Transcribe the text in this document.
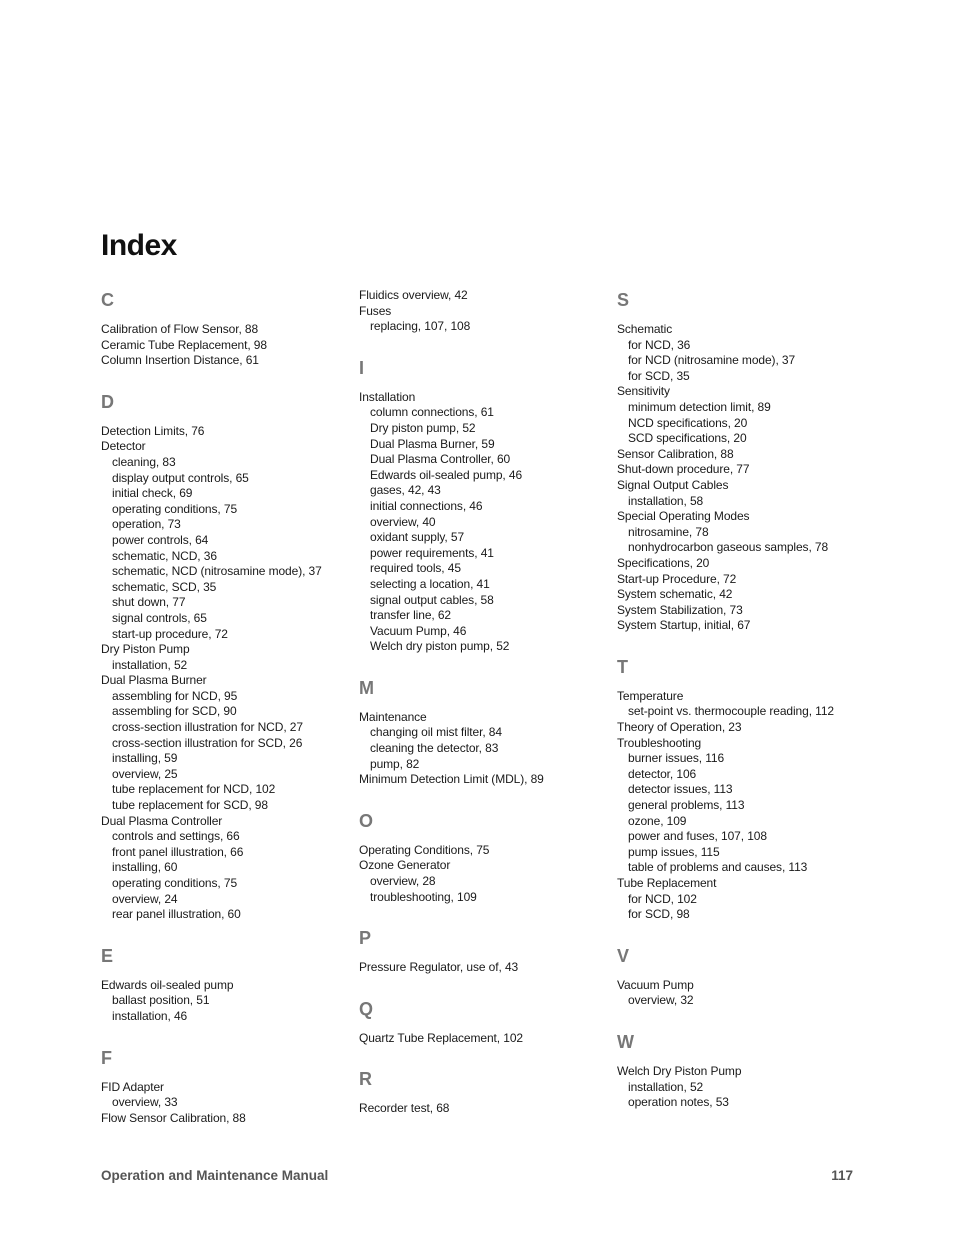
Index
C
Calibration of Flow Sensor, 88
Ceramic Tube Replacement, 98
Column Insertion Distance, 61
D
Detection Limits, 76
Detector
cleaning, 83
display output controls, 65
initial check, 69
operating conditions, 75
operation, 73
power controls, 64
schematic, NCD, 36
schematic, NCD (nitrosamine mode), 37
schematic, SCD, 35
shut down, 77
signal controls, 65
start-up procedure, 72
Dry Piston Pump
installation, 52
Dual Plasma Burner
assembling for NCD, 95
assembling for SCD, 90
cross-section illustration for NCD, 27
cross-section illustration for SCD, 26
installing, 59
overview, 25
tube replacement for NCD, 102
tube replacement for SCD, 98
Dual Plasma Controller
controls and settings, 66
front panel illustration, 66
installing, 60
operating conditions, 75
overview, 24
rear panel illustration, 60
E
Edwards oil-sealed pump
ballast position, 51
installation, 46
F
FID Adapter
overview, 33
Flow Sensor Calibration, 88
Fluidics overview, 42
Fuses
replacing, 107, 108
I
Installation
column connections, 61
Dry piston pump, 52
Dual Plasma Burner, 59
Dual Plasma Controller, 60
Edwards oil-sealed pump, 46
gases, 42, 43
initial connections, 46
overview, 40
oxidant supply, 57
power requirements, 41
required tools, 45
selecting a location, 41
signal output cables, 58
transfer line, 62
Vacuum Pump, 46
Welch dry piston pump, 52
M
Maintenance
changing oil mist filter, 84
cleaning the detector, 83
pump, 82
Minimum Detection Limit (MDL), 89
O
Operating Conditions, 75
Ozone Generator
overview, 28
troubleshooting, 109
P
Pressure Regulator, use of, 43
Q
Quartz Tube Replacement, 102
R
Recorder test, 68
S
Schematic
for NCD, 36
for NCD (nitrosamine mode), 37
for SCD, 35
Sensitivity
minimum detection limit, 89
NCD specifications, 20
SCD specifications, 20
Sensor Calibration, 88
Shut-down procedure, 77
Signal Output Cables
installation, 58
Special Operating Modes
nitrosamine, 78
nonhydrocarbon gaseous samples, 78
Specifications, 20
Start-up Procedure, 72
System schematic, 42
System Stabilization, 73
System Startup, initial, 67
T
Temperature
set-point vs. thermocouple reading, 112
Theory of Operation, 23
Troubleshooting
burner issues, 116
detector, 106
detector issues, 113
general problems, 113
ozone, 109
power and fuses, 107, 108
pump issues, 115
table of problems and causes, 113
Tube Replacement
for NCD, 102
for SCD, 98
V
Vacuum Pump
overview, 32
W
Welch Dry Piston Pump
installation, 52
operation notes, 53
Operation and Maintenance Manual	117
